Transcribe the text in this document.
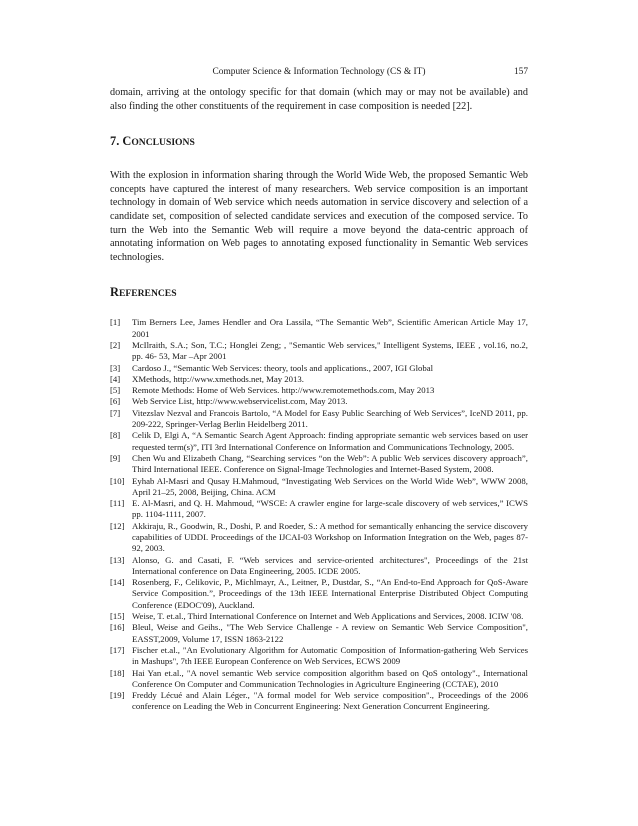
Computer Science & Information Technology (CS & IT)	157

domain, arriving at the ontology specific for that domain (which may or may not be available) and also finding the other constituents of the requirement in case composition is needed [22].

7. CONCLUSIONS

With the explosion in information sharing through the World Wide Web, the proposed Semantic Web concepts have captured the interest of many researchers. Web service composition is an important technology in domain of Web service which needs automation in service discovery and selection of a candidate set, composition of selected candidate services and execution of the composed service. To turn the Web into the Semantic Web will require a move beyond the data-centric approach of annotating information on Web pages to annotating exposed functionality in Semantic Web services technologies.

REFERENCES
[1]	Tim Berners Lee, James Hendler and Ora Lassila, “The Semantic Web”, Scientific American Article May 17, 2001
[2]	McIlraith, S.A.; Son, T.C.; Honglei Zeng; , "Semantic Web services," Intelligent Systems, IEEE , vol.16, no.2, pp. 46- 53, Mar –Apr 2001
[3]	Cardoso J., “Semantic Web Services: theory, tools and applications., 2007, IGI Global
[4]	XMethods, http://www.xmethods.net, May 2013.
[5]	Remote Methods: Home of Web Services. http://www.remotemethods.com, May 2013
[6]	Web Service List, http://www.webservicelist.com, May 2013.
[7]	Vitezslav Nezval and Francois Bartolo, “A Model for Easy Public Searching of Web Services”, IceND 2011, pp. 209-222, Springer-Verlag Berlin Heidelberg 2011.
[8]	Celik D, Elgi A, “A Semantic Search Agent Approach: finding appropriate semantic web services based on user requested term(s)”, ITI 3rd International Conference on Information and Communications Technology, 2005.
[9]	Chen Wu and Elizabeth Chang, “Searching services “on the Web”: A public Web services discovery approach”, Third International IEEE. Conference on Signal-Image Technologies and Internet-Based System, 2008.
[10] Eyhab Al-Masri and Qusay H.Mahmoud, “Investigating Web Services on the World Wide Web”, WWW 2008, April 21–25, 2008, Beijing, China. ACM
[11] E. Al-Masri, and Q. H. Mahmoud, “WSCE: A crawler engine for large-scale discovery of web services,” ICWS pp. 1104-1111, 2007.
[12] Akkiraju, R., Goodwin, R., Doshi, P. and Roeder, S.: A method for semantically enhancing the service discovery capabilities of UDDI. Proceedings of the IJCAI-03 Workshop on Information Integration on the Web, pages 87-92, 2003.
[13] Alonso, G. and Casati, F. “Web services and service-oriented architectures", Proceedings of the 21st International conference on Data Engineering, 2005. ICDE 2005.
[14] Rosenberg, F., Celikovic, P., Michlmayr, A., Leitner, P., Dustdar, S., “An End-to-End Approach for QoS-Aware Service Composition.”, Proceedings of the 13th IEEE International Enterprise Distributed Object Computing Conference (EDOC'09), Auckland.
[15] Weise, T. et.al., Third International Conference on Internet and Web Applications and Services, 2008. ICIW '08.
[16] Bleul, Weise and Geihs., "The Web Service Challenge - A review on Semantic Web Service Composition", EASST,2009, Volume 17, ISSN 1863-2122
[17] Fischer et.al., "An Evolutionary Algorithm for Automatic Composition of Information-gathering Web Services in Mashups", 7th IEEE European Conference on Web Services, ECWS 2009
[18] Hai Yan et.al., "A novel semantic Web service composition algorithm based on QoS ontology"., International Conference On Computer and Communication Technologies in Agriculture Engineering (CCTAE), 2010
[19] Freddy Lécué and Alain Léger., "A formal model for Web service composition"., Proceedings of the 2006 conference on Leading the Web in Concurrent Engineering: Next Generation Concurrent Engineering.
